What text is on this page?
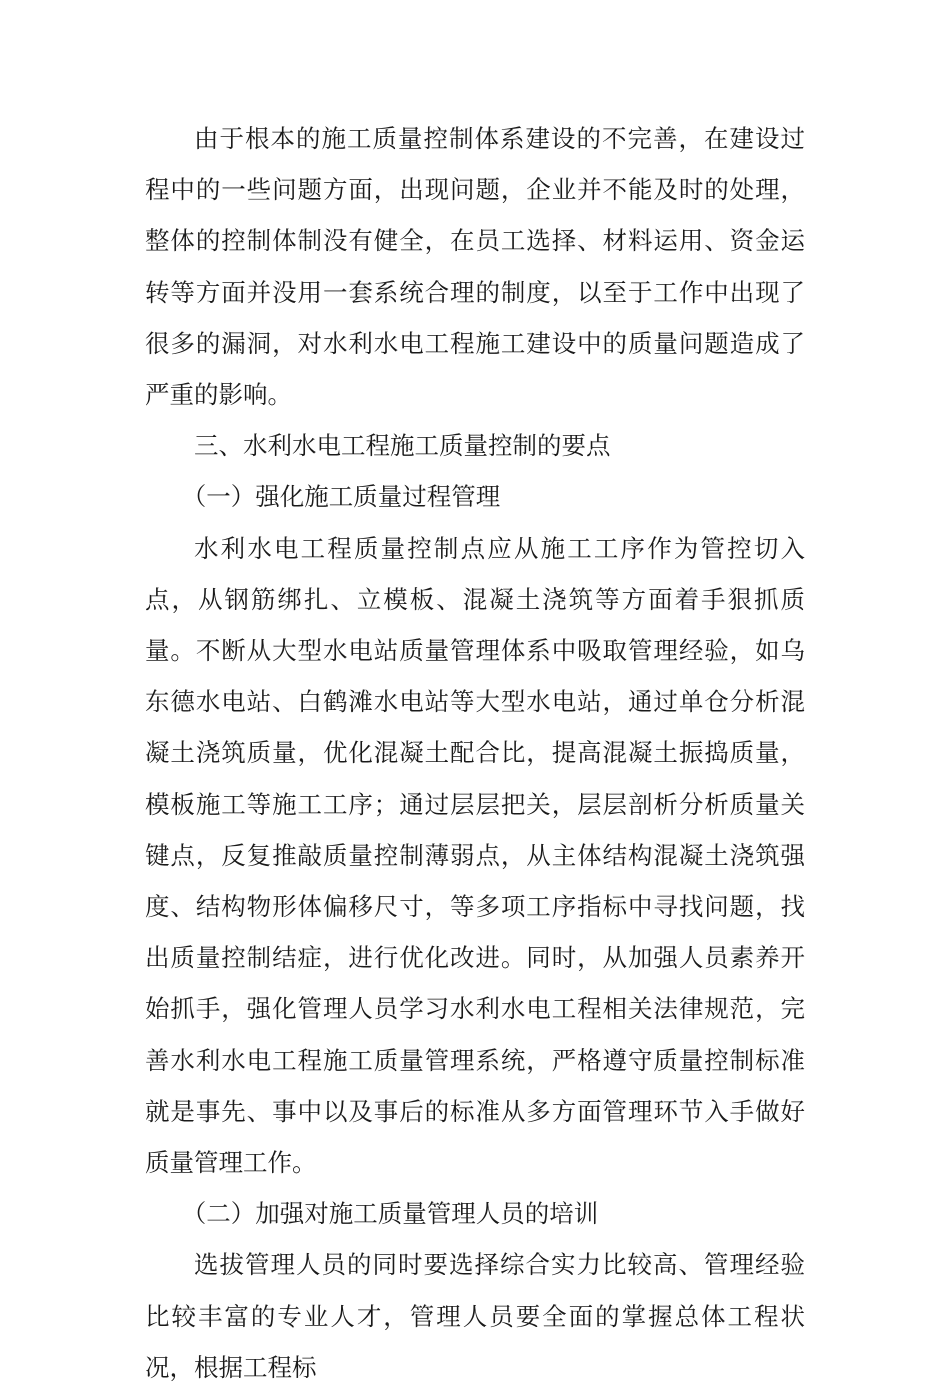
由于根本的施工质量控制体系建设的不完善，在建设过程中的一些问题方面，出现问题，企业并不能及时的处理，整体的控制体制没有健全，在员工选择、材料运用、资金运转等方面并没用一套系统合理的制度，以至于工作中出现了很多的漏洞，对水利水电工程施工建设中的质量问题造成了严重的影响。

三、水利水电工程施工质量控制的要点

（一）强化施工质量过程管理

水利水电工程质量控制点应从施工工序作为管控切入点，从钢筋绑扎、立模板、混凝土浇筑等方面着手狠抓质量。不断从大型水电站质量管理体系中吸取管理经验，如乌东德水电站、白鹤滩水电站等大型水电站，通过单仓分析混凝土浇筑质量，优化混凝土配合比，提高混凝土振捣质量，模板施工等施工工序；通过层层把关，层层剖析分析质量关键点，反复推敲质量控制薄弱点，从主体结构混凝土浇筑强度、结构物形体偏移尺寸，等多项工序指标中寻找问题，找出质量控制结症，进行优化改进。同时，从加强人员素养开始抓手，强化管理人员学习水利水电工程相关法律规范，完善水利水电工程施工质量管理系统，严格遵守质量控制标准就是事先、事中以及事后的标准从多方面管理环节入手做好质量管理工作。

（二）加强对施工质量管理人员的培训

选拔管理人员的同时要选择综合实力比较高、管理经验比较丰富的专业人才，管理人员要全面的掌握总体工程状况，根据工程标
